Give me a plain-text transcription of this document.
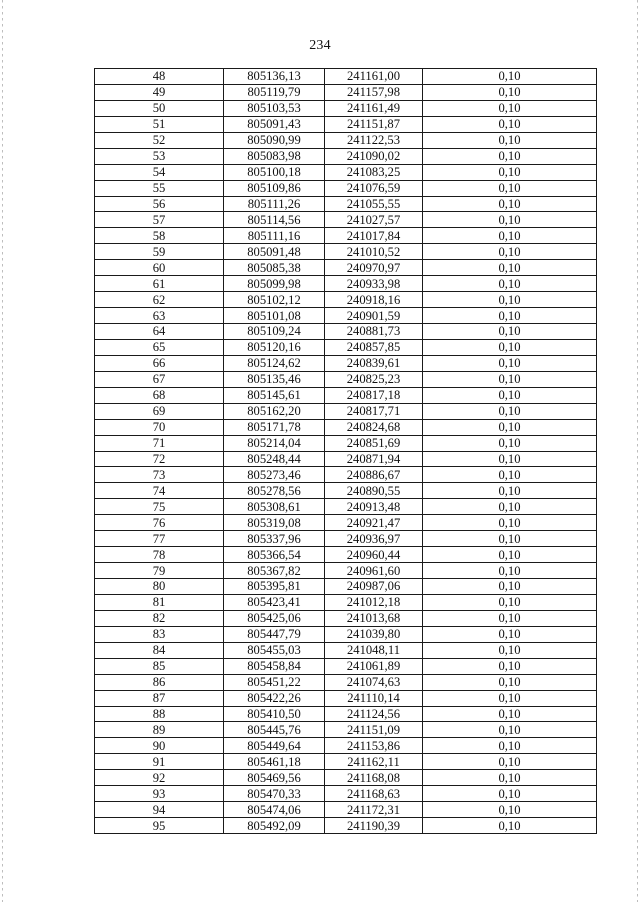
234
48	805136,13	241161,00	0,10
49	805119,79	241157,98	0,10
50	805103,53	241161,49	0,10
51	805091,43	241151,87	0,10
52	805090,99	241122,53	0,10
53	805083,98	241090,02	0,10
54	805100,18	241083,25	0,10
55	805109,86	241076,59	0,10
56	805111,26	241055,55	0,10
57	805114,56	241027,57	0,10
58	805111,16	241017,84	0,10
59	805091,48	241010,52	0,10
60	805085,38	240970,97	0,10
61	805099,98	240933,98	0,10
62	805102,12	240918,16	0,10
63	805101,08	240901,59	0,10
64	805109,24	240881,73	0,10
65	805120,16	240857,85	0,10
66	805124,62	240839,61	0,10
67	805135,46	240825,23	0,10
68	805145,61	240817,18	0,10
69	805162,20	240817,71	0,10
70	805171,78	240824,68	0,10
71	805214,04	240851,69	0,10
72	805248,44	240871,94	0,10
73	805273,46	240886,67	0,10
74	805278,56	240890,55	0,10
75	805308,61	240913,48	0,10
76	805319,08	240921,47	0,10
77	805337,96	240936,97	0,10
78	805366,54	240960,44	0,10
79	805367,82	240961,60	0,10
80	805395,81	240987,06	0,10
81	805423,41	241012,18	0,10
82	805425,06	241013,68	0,10
83	805447,79	241039,80	0,10
84	805455,03	241048,11	0,10
85	805458,84	241061,89	0,10
86	805451,22	241074,63	0,10
87	805422,26	241110,14	0,10
88	805410,50	241124,56	0,10
89	805445,76	241151,09	0,10
90	805449,64	241153,86	0,10
91	805461,18	241162,11	0,10
92	805469,56	241168,08	0,10
93	805470,33	241168,63	0,10
94	805474,06	241172,31	0,10
95	805492,09	241190,39	0,10
